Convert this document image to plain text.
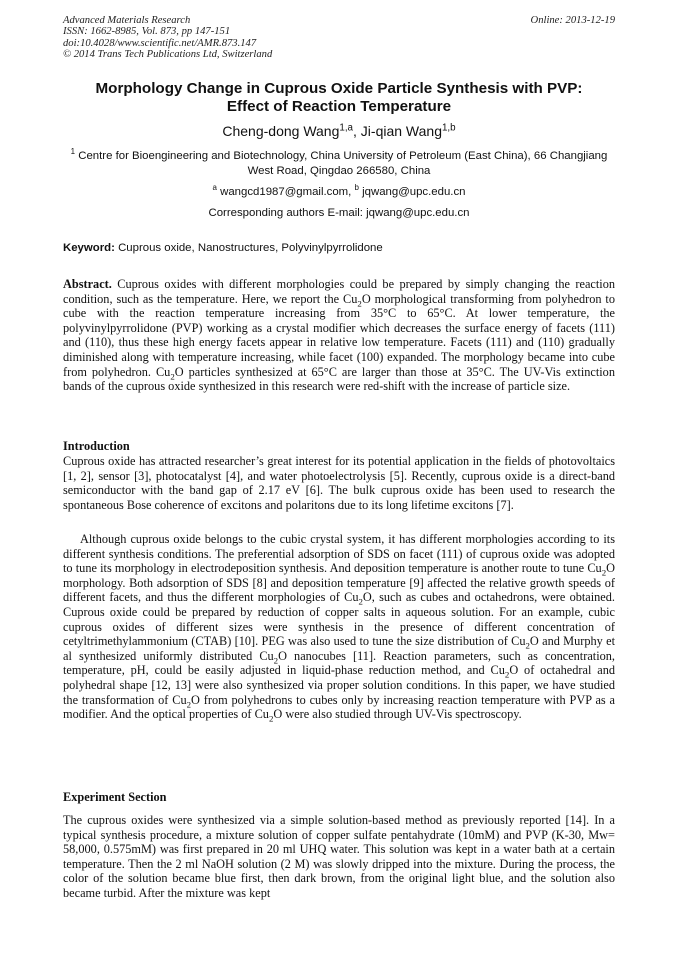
Advanced Materials Research
ISSN: 1662-8985, Vol. 873, pp 147-151
doi:10.4028/www.scientific.net/AMR.873.147
© 2014 Trans Tech Publications Ltd, Switzerland
Online: 2013-12-19
Morphology Change in Cuprous Oxide Particle Synthesis with PVP:
Effect of Reaction Temperature
Cheng-dong Wang$^{1,a}$, Ji-qian Wang$^{1,b}$
$^1$ Centre for Bioengineering and Biotechnology, China University of Petroleum (East China), 66 Changjiang West Road, Qingdao 266580, China
$^a$ wangcd1987@gmail.com, $^b$ jqwang@upc.edu.cn
Corresponding authors E-mail: jqwang@upc.edu.cn
Keyword: Cuprous oxide, Nanostructures, Polyvinylpyrrolidone
Abstract. Cuprous oxides with different morphologies could be prepared by simply changing the reaction condition, such as the temperature. Here, we report the $Cu_2O$ morphological transforming from polyhedron to cube with the reaction temperature increasing from 35°C to 65°C. At lower temperature, the polyvinylpyrrolidone (PVP) working as a crystal modifier which decreases the surface energy of facets (111) and (110), thus these high energy facets appear in relative low temperature. Facets (111) and (110) gradually diminished along with temperature increasing, while facet (100) expanded. The morphology became into cube from polyhedron. $Cu_2O$ particles synthesized at 65°C are larger than those at 35°C. The UV-Vis extinction bands of the cuprous oxide synthesized in this research were red-shift with the increase of particle size.
Introduction
Cuprous oxide has attracted researcher’s great interest for its potential application in the fields of photovoltaics [1, 2], sensor [3], photocatalyst [4], and water photoelectrolysis [5]. Recently, cuprous oxide is a direct-band semiconductor with the band gap of 2.17 eV [6]. The bulk cuprous oxide has been used to research the spontaneous Bose coherence of excitons and polaritons due to its long lifetime excitons [7].
Although cuprous oxide belongs to the cubic crystal system, it has different morphologies according to its different synthesis conditions. The preferential adsorption of SDS on facet (111) of cuprous oxide was adopted to tune its morphology in electrodeposition synthesis. And deposition temperature is another route to tune $Cu_2O$ morphology. Both adsorption of SDS [8] and deposition temperature [9] affected the relative growth speeds of different facets, and thus the different morphologies of $Cu_2O$, such as cubes and octahedrons, were obtained. Cuprous oxide could be prepared by reduction of copper salts in aqueous solution. For an example, cubic cuprous oxides of different sizes were synthesis in the presence of different concentration of cetyltrimethylammonium (CTAB) [10]. PEG was also used to tune the size distribution of $Cu_2O$ and Murphy et al synthesized uniformly distributed $Cu_2O$ nanocubes [11]. Reaction parameters, such as concentration, temperature, pH, could be easily adjusted in liquid-phase reduction method, and $Cu_2O$ of octahedral and polyhedral shape [12, 13] were also synthesized via proper solution conditions. In this paper, we have studied the transformation of $Cu_2O$ from polyhedrons to cubes only by increasing reaction temperature with PVP as a modifier. And the optical properties of $Cu_2O$ were also studied through UV-Vis spectroscopy.
Experiment Section
The cuprous oxides were synthesized via a simple solution-based method as previously reported [14]. In a typical synthesis procedure, a mixture solution of copper sulfate pentahydrate (10mM) and PVP (K-30, Mw= 58,000, 0.575mM) was first prepared in 20 ml UHQ water. This solution was kept in a water bath at a certain temperature. Then the 2 ml NaOH solution (2 M) was slowly dripped into the mixture. During the process, the color of the solution became blue first, then dark brown, from the original light blue, and the solution also became turbid. After the mixture was kept
